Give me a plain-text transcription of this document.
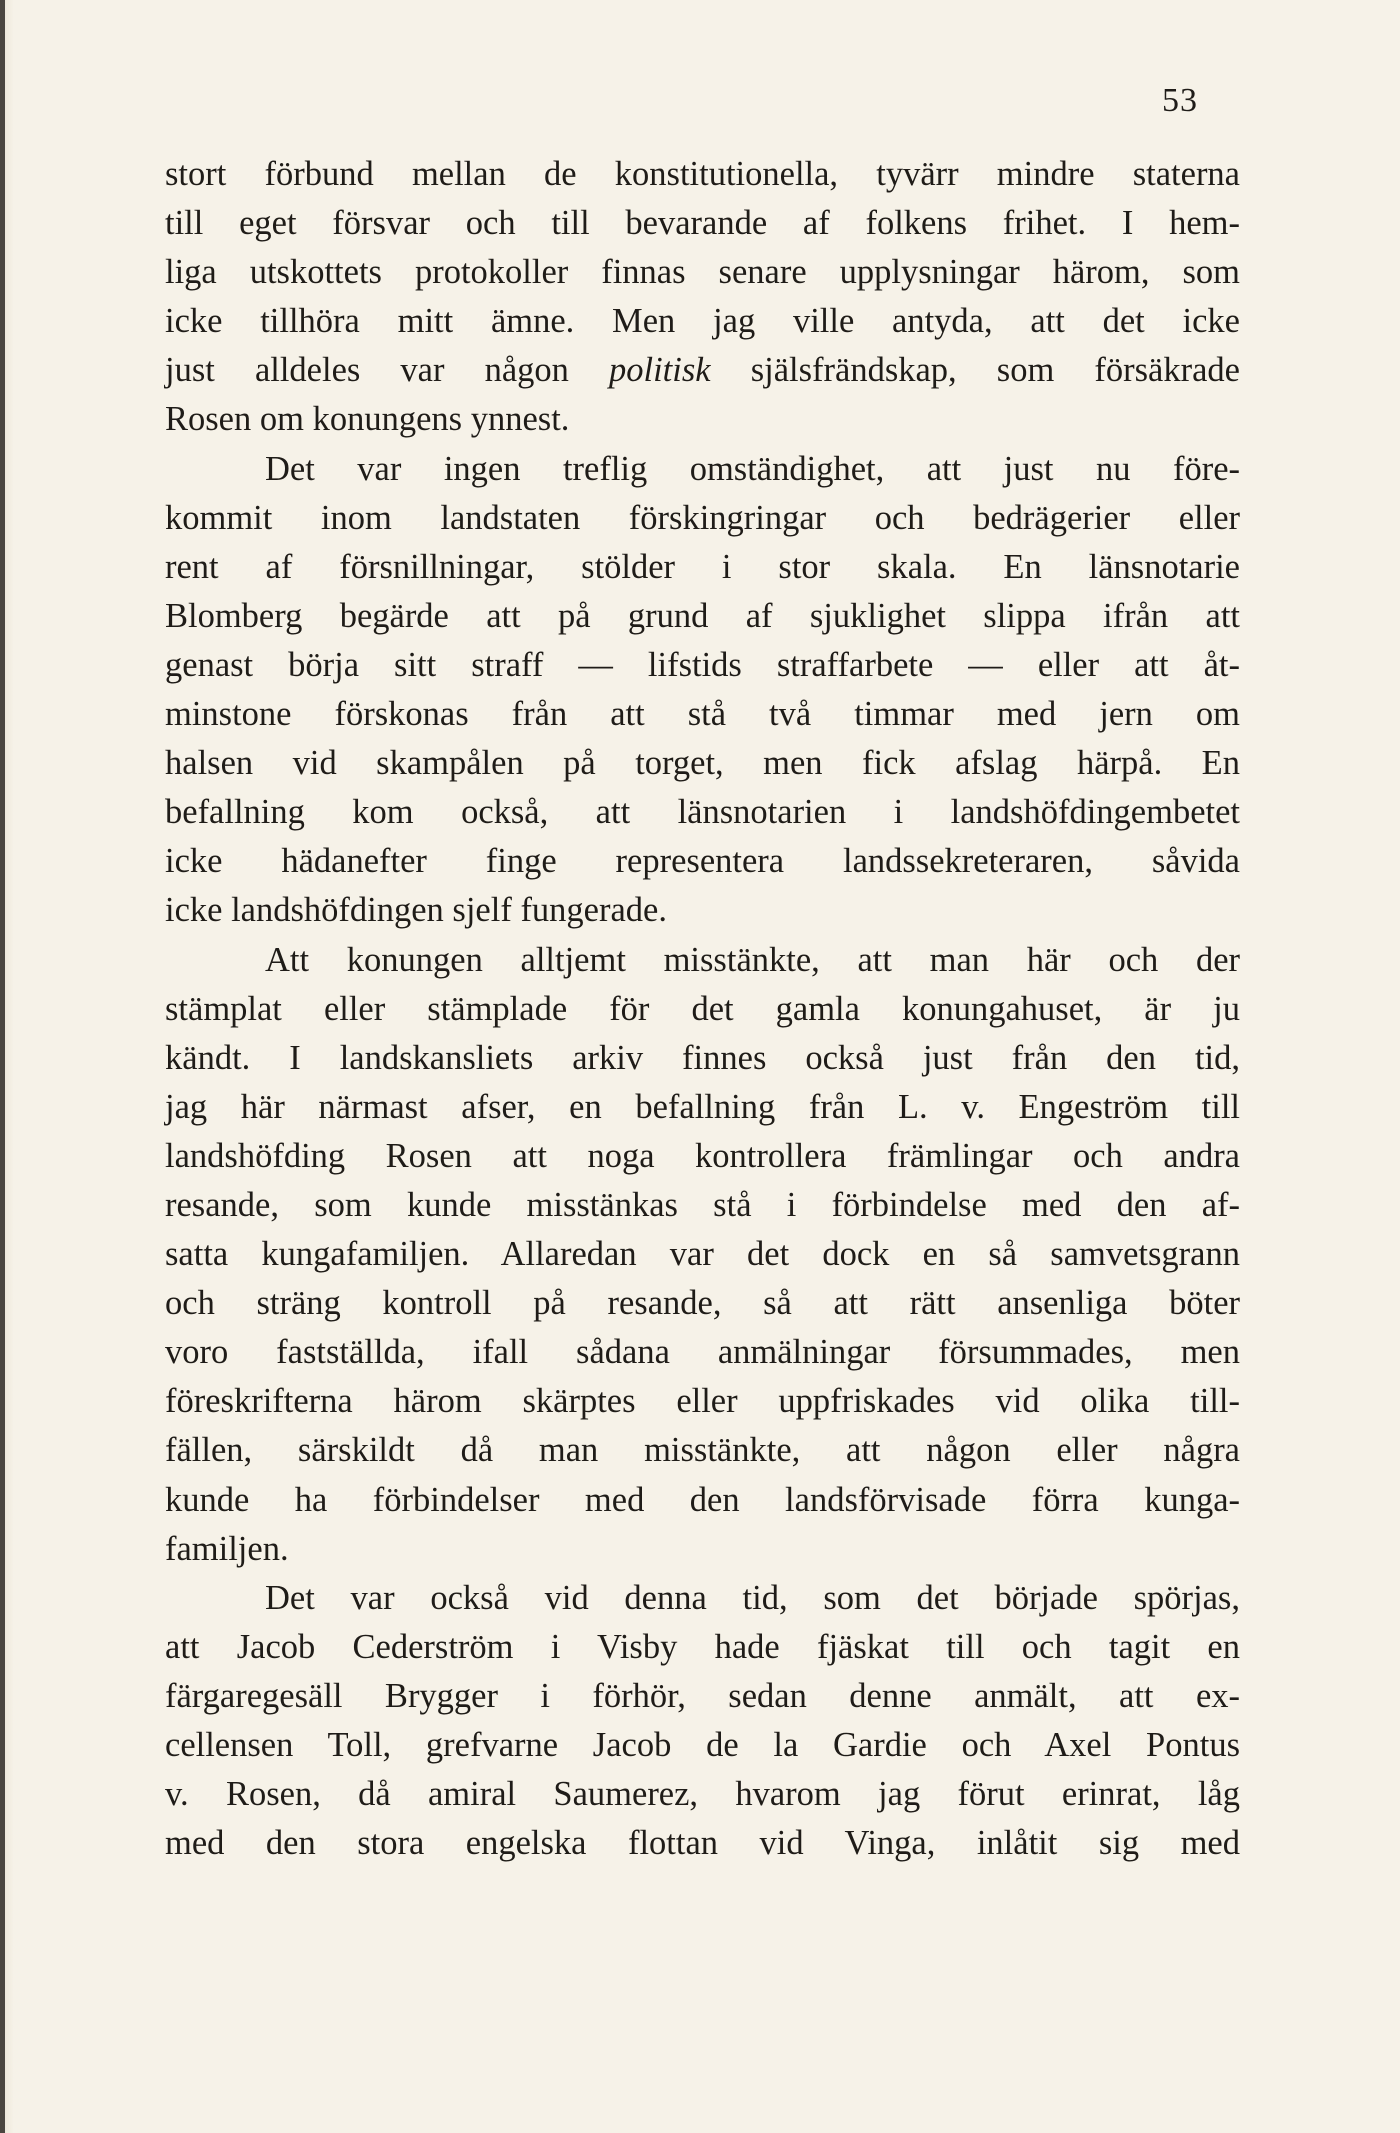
53
stort förbund mellan de konstitutionella, tyvärr mindre staterna
till eget försvar och till bevarande af folkens frihet. I hem-
liga utskottets protokoller finnas senare upplysningar härom, som
icke tillhöra mitt ämne. Men jag ville antyda, att det icke
just alldeles var någon politisk själsfrändskap, som försäkrade
Rosen om konungens ynnest.
Det var ingen treflig omständighet, att just nu före-
kommit inom landstaten förskingringar och bedrägerier eller
rent af försnillningar, stölder i stor skala. En länsnotarie
Blomberg begärde att på grund af sjuklighet slippa ifrån att
genast börja sitt straff — lifstids straffarbete — eller att åt-
minstone förskonas från att stå två timmar med jern om
halsen vid skampålen på torget, men fick afslag härpå. En
befallning kom också, att länsnotarien i landshöfdingembetet
icke hädanefter finge representera landssekreteraren, såvida
icke landshöfdingen sjelf fungerade.
Att konungen alltjemt misstänkte, att man här och der
stämplat eller stämplade för det gamla konungahuset, är ju
kändt. I landskansliets arkiv finnes också just från den tid,
jag här närmast afser, en befallning från L. v. Engeström till
landshöfding Rosen att noga kontrollera främlingar och andra
resande, som kunde misstänkas stå i förbindelse med den af-
satta kungafamiljen. Allaredan var det dock en så samvetsgrann
och sträng kontroll på resande, så att rätt ansenliga böter
voro fastställda, ifall sådana anmälningar försummades, men
föreskrifterna härom skärptes eller uppfriskades vid olika till-
fällen, särskildt då man misstänkte, att någon eller några
kunde ha förbindelser med den landsförvisade förra kunga-
familjen.
Det var också vid denna tid, som det började spörjas,
att Jacob Cederström i Visby hade fjäskat till och tagit en
färgaregesäll Brygger i förhör, sedan denne anmält, att ex-
cellensen Toll, grefvarne Jacob de la Gardie och Axel Pontus
v. Rosen, då amiral Saumerez, hvarom jag förut erinrat, låg
med den stora engelska flottan vid Vinga, inlåtit sig med
